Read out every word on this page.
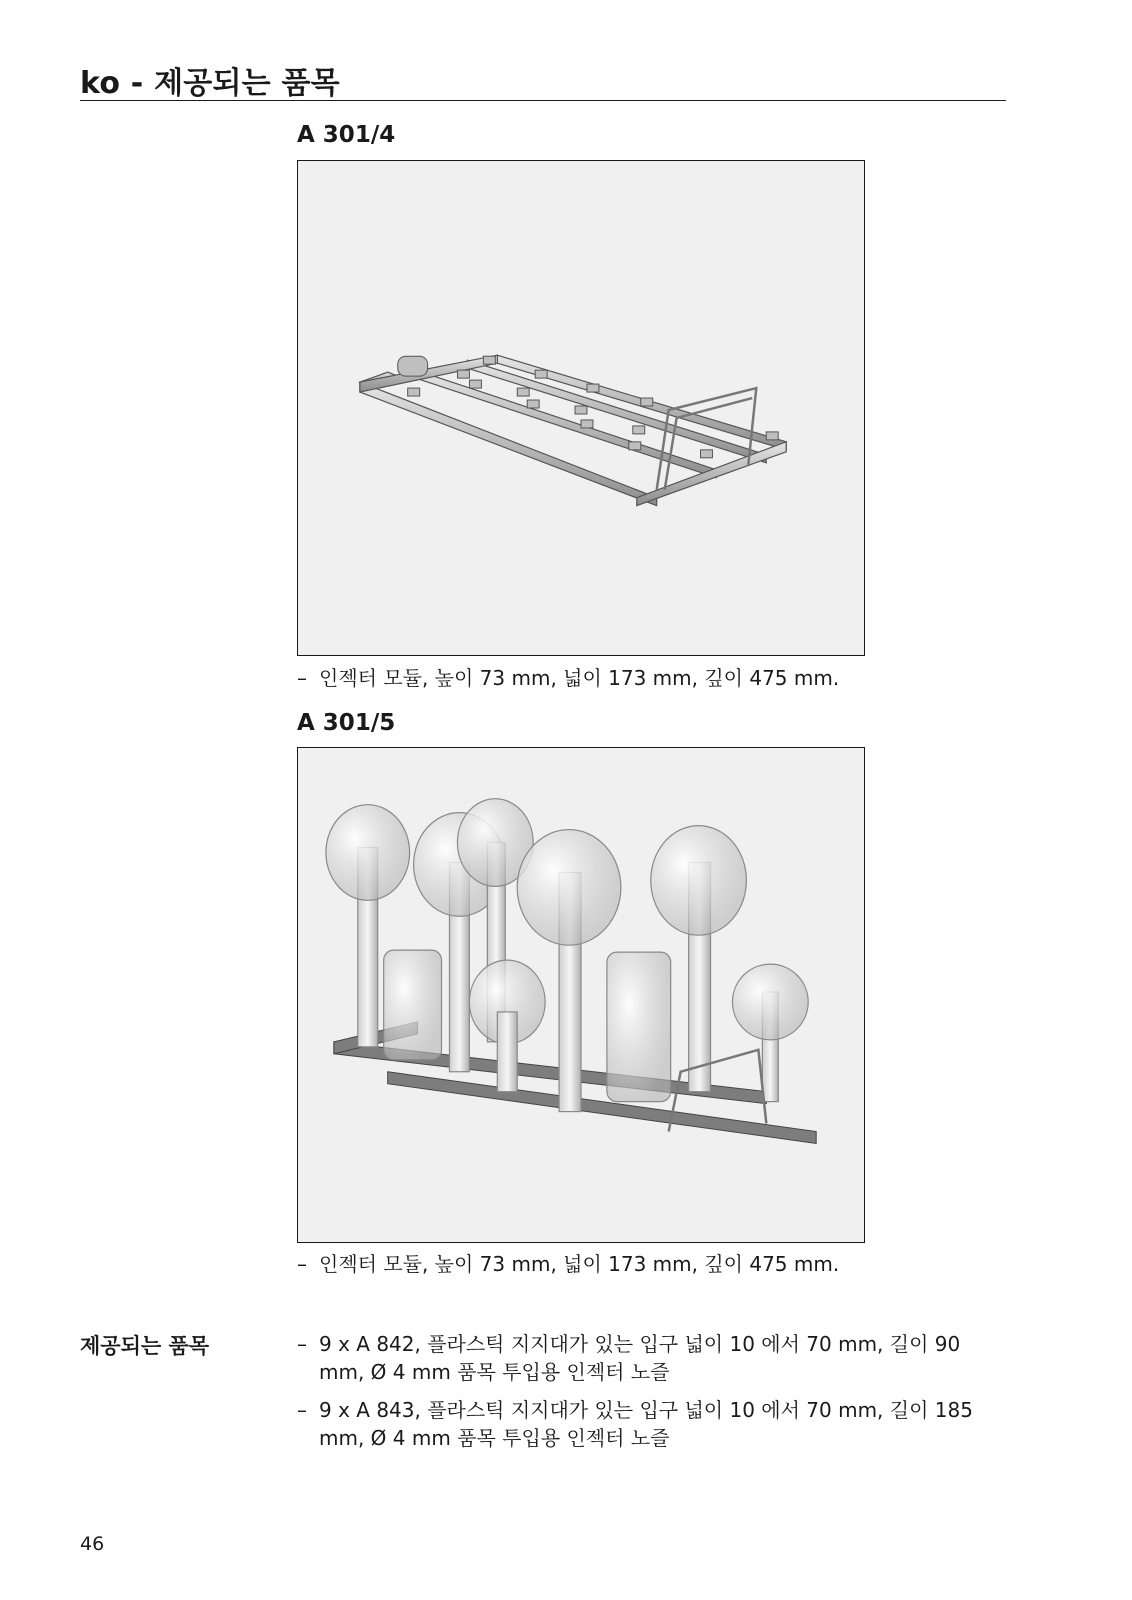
ko - 제공되는 품목
A 301/4
– 인젝터 모듈, 높이 73 mm, 넓이 173 mm, 깊이 475 mm.
A 301/5
– 인젝터 모듈, 높이 73 mm, 넓이 173 mm, 깊이 475 mm.
제공되는 품목	– 9 x A 842, 플라스틱 지지대가 있는 입구 넓이 10 에서 70 mm, 길이 90 mm, Ø 4 mm 품목 투입용 인젝터 노즐
– 9 x A 843, 플라스틱 지지대가 있는 입구 넓이 10 에서 70 mm, 길이 185 mm, Ø 4 mm 품목 투입용 인젝터 노즐
46
